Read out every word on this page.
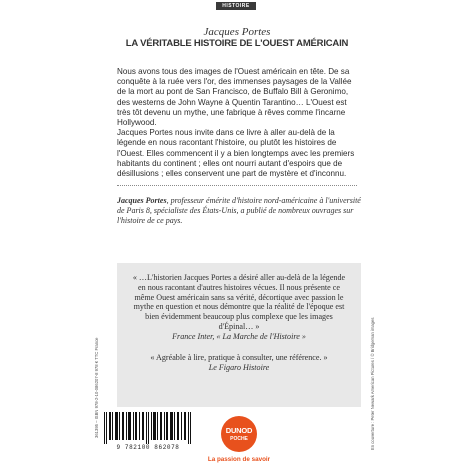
HISTOIRE
Jacques Portes
LA VÉRITABLE HISTOIRE DE L'OUEST AMÉRICAIN

Nous avons tous des images de l'Ouest américain en tête. De sa conquête à la ruée vers l'or, des immenses paysages de la Vallée de la mort au pont de San Francisco, de Buffalo Bill à Geronimo, des westerns de John Wayne à Quentin Tarantino… L'Ouest est très tôt devenu un mythe, une fabrique à rêves comme l'incarne Hollywood.

Jacques Portes nous invite dans ce livre à aller au-delà de la légende en nous racontant l'histoire, ou plutôt les histoires de l'Ouest. Elles commencent il y a bien longtemps avec les premiers habitants du continent ; elles ont nourri autant d'espoirs que de désillusions ; elles conservent une part de mystère et d'inconnu.

Jacques Portes, professeur émérite d'histoire nord-américaine à l'université de Paris 8, spécialiste des États-Unis, a publié de nombreux ouvrages sur l'histoire de ce pays.
« …L'historien Jacques Portes a désiré aller au-delà de la légende en nous racontant d'autres histoires vécues. Il nous présente ce même Ouest américain sans sa vérité, décortique avec passion le mythe en question et nous démontre que la réalité de l'époque est bien évidemment beaucoup plus complexe que les images d'Épinal… »
France Inter, « La Marche de l'Histoire »
« Agréable à lire, pratique à consulter, une référence. »
Le Figaro Histoire
361395 – ISBN 978-2-10-086207-8 978 € TTC France	En couverture : Peter Newark American Pictures / © Bridgeman images
9 782100 862078
DUNOD
POCHE
La passion de savoir
